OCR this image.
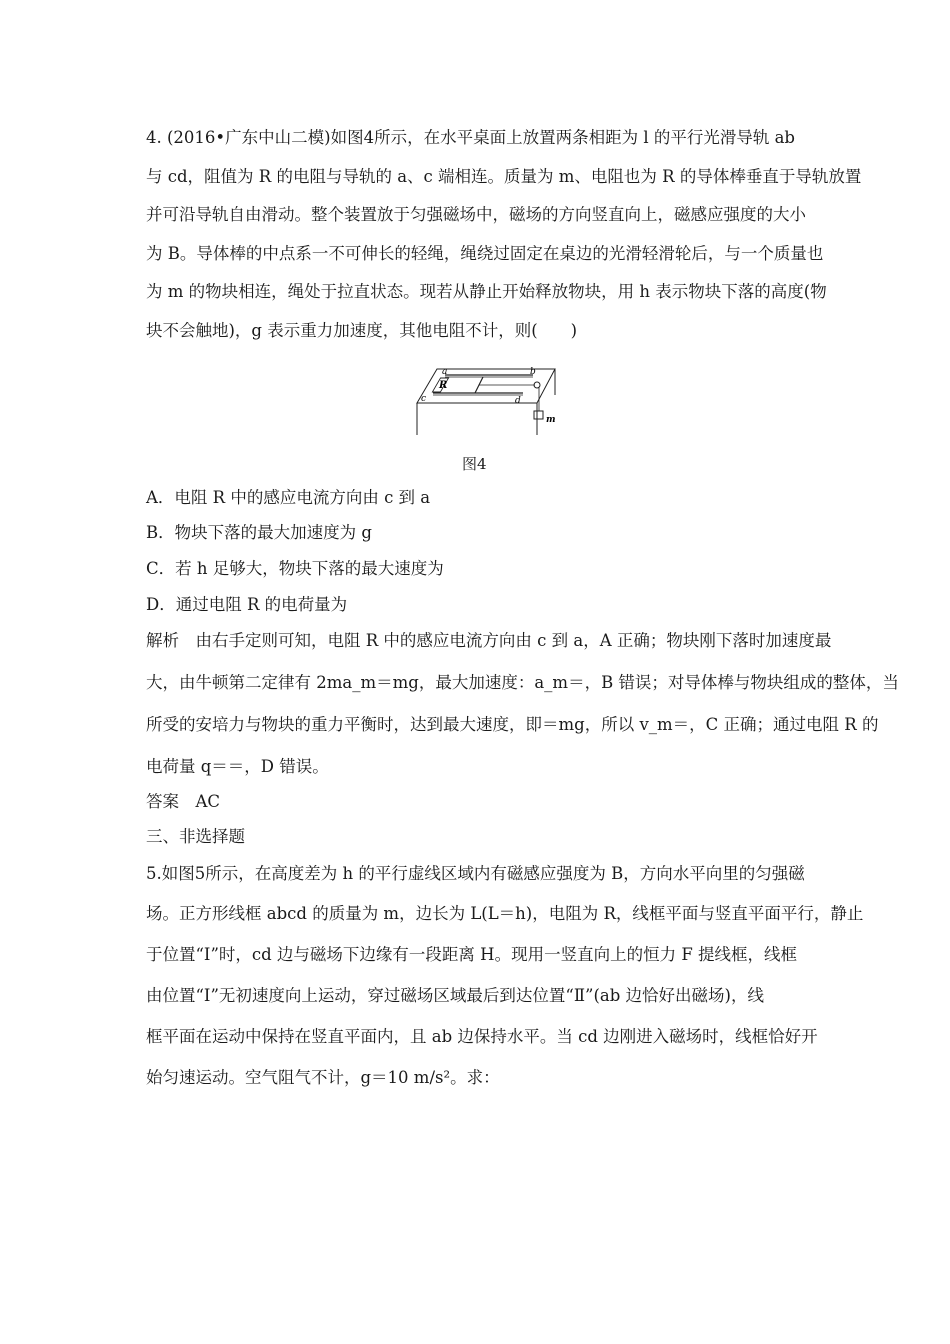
4. (2016•广东中山二模)如图4所示，在水平桌面上放置两条相距为 l 的平行光滑导轨 ab
与 cd，阻值为 R 的电阻与导轨的 a、c 端相连。质量为 m、电阻也为 R 的导体棒垂直于导轨放置
并可沿导轨自由滑动。整个装置放于匀强磁场中，磁场的方向竖直向上，磁感应强度的大小
为 B。导体棒的中点系一不可伸长的轻绳，绳绕过固定在桌边的光滑轻滑轮后，与一个质量也
为 m 的物块相连，绳处于拉直状态。现若从静止开始释放物块，用 h 表示物块下落的高度(物
块不会触地)，g 表示重力加速度，其他电阻不计，则(　　)
a	b
c	d
R
m
图4
A．电阻 R 中的感应电流方向由 c 到 a
B．物块下落的最大加速度为 g
C．若 h 足够大，物块下落的最大速度为
D．通过电阻 R 的电荷量为
解析　由右手定则可知，电阻 R 中的感应电流方向由 c 到 a，A 正确；物块刚下落时加速度最
大，由牛顿第二定律有 2ma_m＝mg，最大加速度：a_m＝，B 错误；对导体棒与物块组成的整体，当
所受的安培力与物块的重力平衡时，达到最大速度，即＝mg，所以 v_m＝，C 正确；通过电阻 R 的
电荷量 q＝＝，D 错误。
答案　AC
三、非选择题
5.如图5所示，在高度差为 h 的平行虚线区域内有磁感应强度为 B，方向水平向里的匀强磁
场。正方形线框 abcd 的质量为 m，边长为 L(L＝h)，电阻为 R，线框平面与竖直平面平行，静止
于位置“Ⅰ”时，cd 边与磁场下边缘有一段距离 H。现用一竖直向上的恒力 F 提线框，线框
由位置“Ⅰ”无初速度向上运动，穿过磁场区域最后到达位置“Ⅱ”(ab 边恰好出磁场)，线
框平面在运动中保持在竖直平面内，且 ab 边保持水平。当 cd 边刚进入磁场时，线框恰好开
始匀速运动。空气阻气不计，g＝10 m/s²。求：
